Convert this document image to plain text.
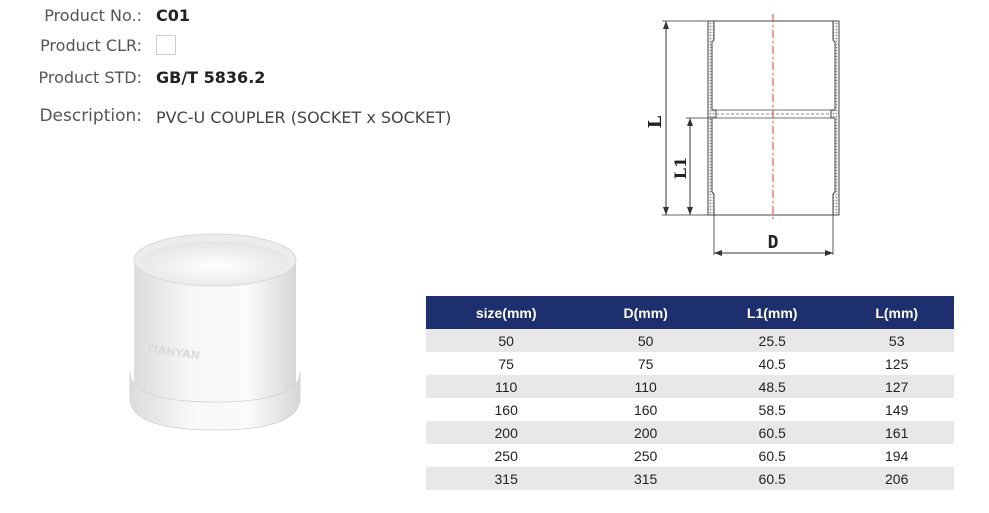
Product No.: C01
Product CLR:
Product STD: GB/T 5836.2
Description: PVC-U COUPLER (SOCKET x SOCKET)	L
L1
D
TIANYAN
size(mm)	D(mm)	L1(mm)	L(mm)
50	50	25.5	53
75	75	40.5	125
110	110	48.5	127
160	160	58.5	149
200	200	60.5	161
250	250	60.5	194
315	315	60.5	206
